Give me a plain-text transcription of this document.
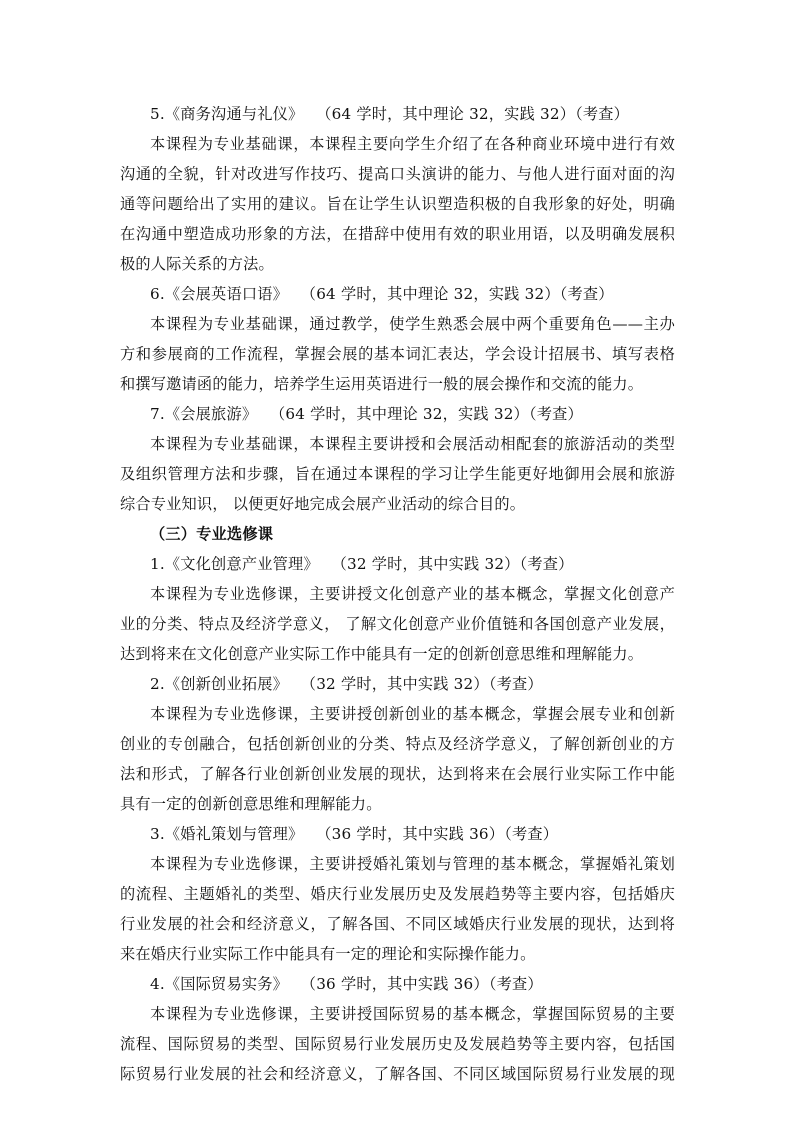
5.《商务沟通与礼仪》　 （64 学时，其中理论 32，实践 32）（考查）
本课程为专业基础课，本课程主要向学生介绍了在各种商业环境中进行有效
沟通的全貌，针对改进写作技巧、提高口头演讲的能力、与他人进行面对面的沟
通等问题给出了实用的建议。旨在让学生认识塑造积极的自我形象的好处，明确
在沟通中塑造成功形象的方法，在措辞中使用有效的职业用语，以及明确发展积
极的人际关系的方法。
6.《会展英语口语》　 （64 学时，其中理论 32，实践 32）（考查）
本课程为专业基础课，通过教学，使学生熟悉会展中两个重要角色——主办
方和参展商的工作流程，掌握会展的基本词汇表达，学会设计招展书、填写表格
和撰写邀请函的能力，培养学生运用英语进行一般的展会操作和交流的能力。
7.《会展旅游》　 （64 学时，其中理论 32，实践 32）（考查）
本课程为专业基础课，本课程主要讲授和会展活动相配套的旅游活动的类型
及组织管理方法和步骤，旨在通过本课程的学习让学生能更好地御用会展和旅游
综合专业知识， 以便更好地完成会展产业活动的综合目的。
（三）专业选修课
1.《文化创意产业管理》　 （32 学时，其中实践 32）（考查）
本课程为专业选修课，主要讲授文化创意产业的基本概念，掌握文化创意产
业的分类、特点及经济学意义， 了解文化创意产业价值链和各国创意产业发展，
达到将来在文化创意产业实际工作中能具有一定的创新创意思维和理解能力。
2.《创新创业拓展》　 （32 学时，其中实践 32）（考查）
本课程为专业选修课，主要讲授创新创业的基本概念，掌握会展专业和创新
创业的专创融合，包括创新创业的分类、特点及经济学意义，了解创新创业的方
法和形式，了解各行业创新创业发展的现状，达到将来在会展行业实际工作中能
具有一定的创新创意思维和理解能力。
3.《婚礼策划与管理》　 （36 学时，其中实践 36）（考查）
本课程为专业选修课，主要讲授婚礼策划与管理的基本概念，掌握婚礼策划
的流程、主题婚礼的类型、婚庆行业发展历史及发展趋势等主要内容，包括婚庆
行业发展的社会和经济意义，了解各国、不同区域婚庆行业发展的现状，达到将
来在婚庆行业实际工作中能具有一定的理论和实际操作能力。
4.《国际贸易实务》　 （36 学时，其中实践 36）（考查）
本课程为专业选修课，主要讲授国际贸易的基本概念，掌握国际贸易的主要
流程、国际贸易的类型、国际贸易行业发展历史及发展趋势等主要内容，包括国
际贸易行业发展的社会和经济意义，了解各国、不同区域国际贸易行业发展的现
